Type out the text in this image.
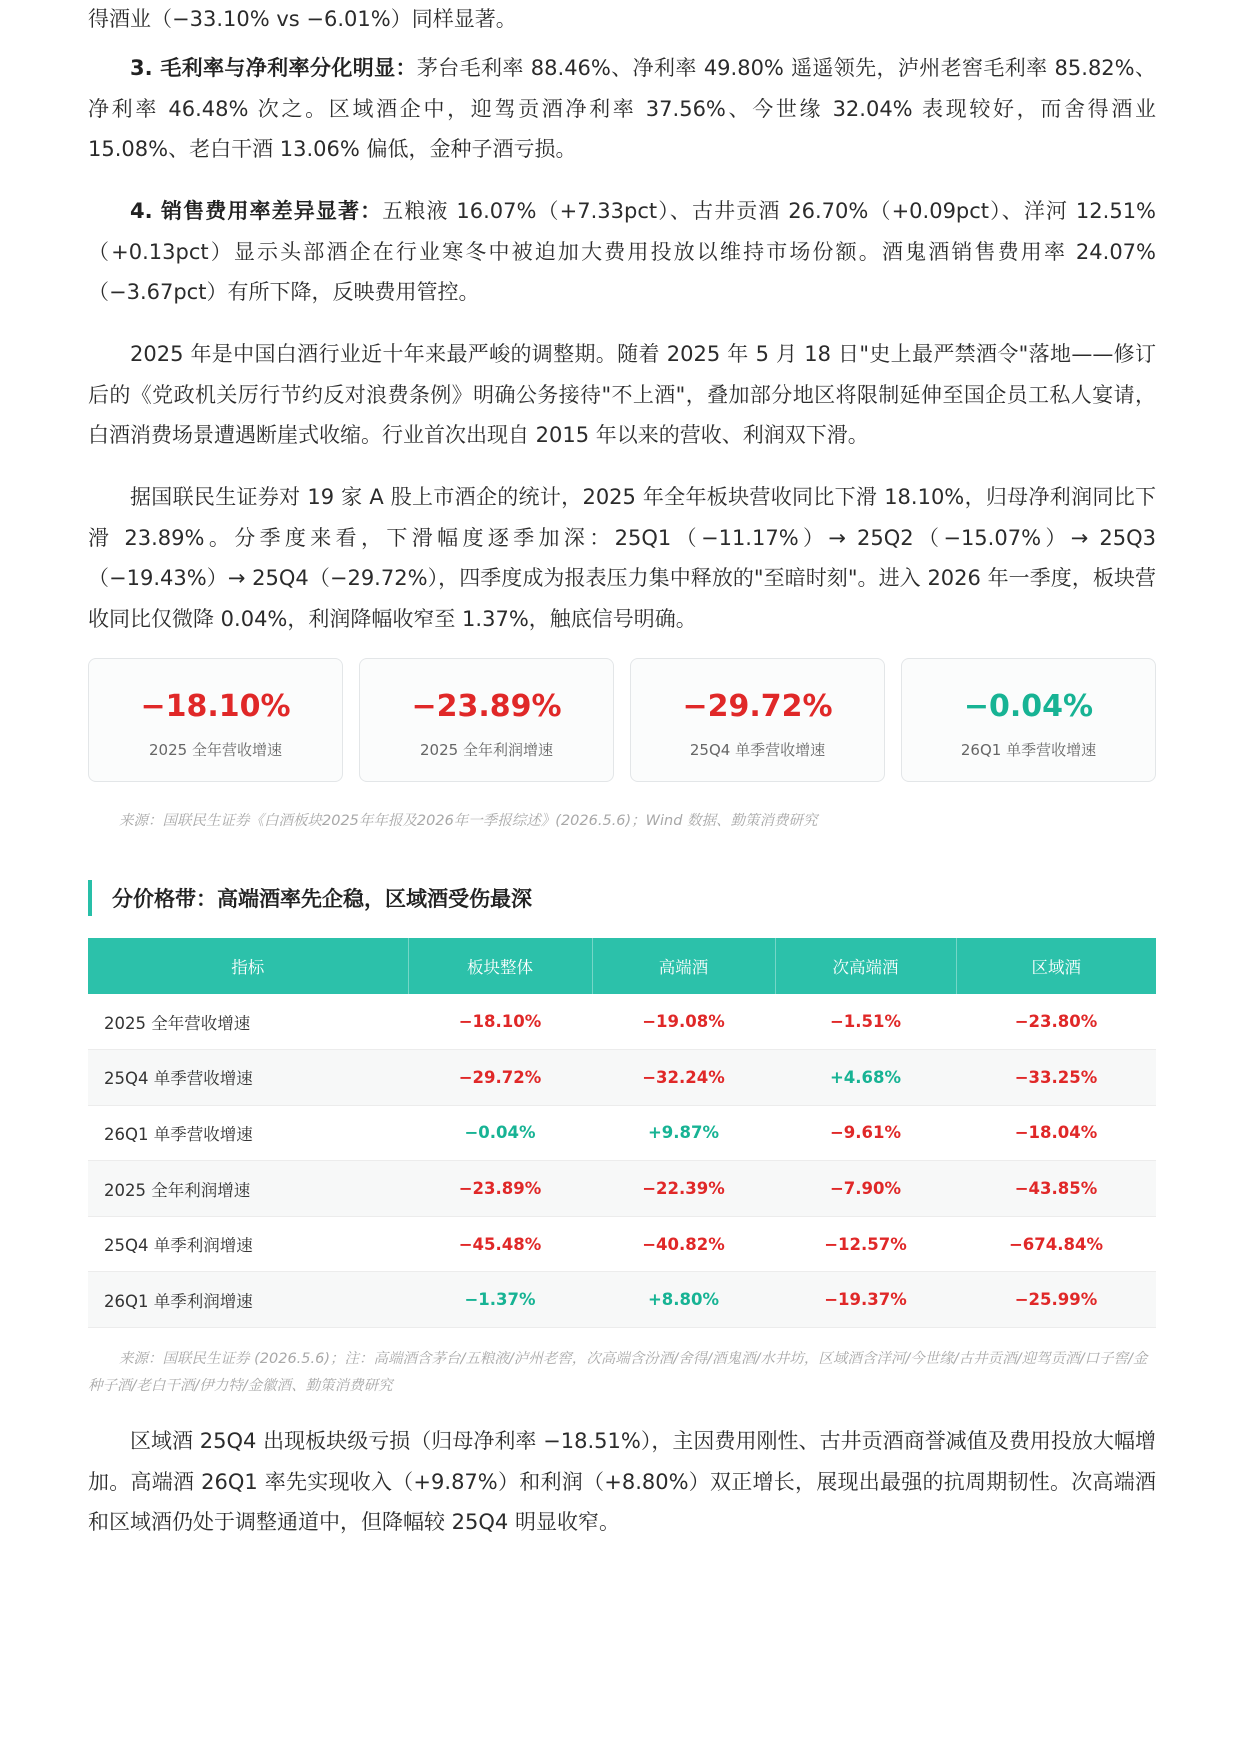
得酒业（−33.10% vs −6.01%）同样显著。

3. 毛利率与净利率分化明显：茅台毛利率 88.46%、净利率 49.80% 遥遥领先，泸州老窖毛利率 85.82%、净利率 46.48% 次之。区域酒企中，迎驾贡酒净利率 37.56%、今世缘 32.04% 表现较好，而舍得酒业 15.08%、老白干酒 13.06% 偏低，金种子酒亏损。

4. 销售费用率差异显著：五粮液 16.07%（+7.33pct）、古井贡酒 26.70%（+0.09pct）、洋河 12.51%（+0.13pct）显示头部酒企在行业寒冬中被迫加大费用投放以维持市场份额。酒鬼酒销售费用率 24.07%（−3.67pct）有所下降，反映费用管控。

2025 年是中国白酒行业近十年来最严峻的调整期。随着 2025 年 5 月 18 日"史上最严禁酒令"落地——修订后的《党政机关厉行节约反对浪费条例》明确公务接待"不上酒"，叠加部分地区将限制延伸至国企员工私人宴请，白酒消费场景遭遇断崖式收缩。行业首次出现自 2015 年以来的营收、利润双下滑。

据国联民生证券对 19 家 A 股上市酒企的统计，2025 年全年板块营收同比下滑 18.10%，归母净利润同比下滑 23.89%。分季度来看，下滑幅度逐季加深：25Q1（−11.17%）→ 25Q2（−15.07%）→ 25Q3（−19.43%）→ 25Q4（−29.72%），四季度成为报表压力集中释放的"至暗时刻"。进入 2026 年一季度，板块营收同比仅微降 0.04%，利润降幅收窄至 1.37%，触底信号明确。

−18.10%
2025 全年营收增速
−23.89%
2025 全年利润增速
−29.72%
25Q4 单季营收增速
−0.04%
26Q1 单季营收增速
来源：国联民生证券《白酒板块2025年年报及2026年一季报综述》(2026.5.6)；Wind 数据、勤策消费研究
分价格带：高端酒率先企稳，区域酒受伤最深
指标	板块整体	高端酒	次高端酒	区域酒
2025 全年营收增速	−18.10%	−19.08%	−1.51%	−23.80%
25Q4 单季营收增速	−29.72%	−32.24%	+4.68%	−33.25%
26Q1 单季营收增速	−0.04%	+9.87%	−9.61%	−18.04%
2025 全年利润增速	−23.89%	−22.39%	−7.90%	−43.85%
25Q4 单季利润增速	−45.48%	−40.82%	−12.57%	−674.84%
26Q1 单季利润增速	−1.37%	+8.80%	−19.37%	−25.99%
来源：国联民生证券 (2026.5.6)；注：高端酒含茅台/五粮液/泸州老窖，次高端含汾酒/舍得/酒鬼酒/水井坊，区域酒含洋河/今世缘/古井贡酒/迎驾贡酒/口子窖/金种子酒/老白干酒/伊力特/金徽酒、勤策消费研究

区域酒 25Q4 出现板块级亏损（归母净利率 −18.51%），主因费用刚性、古井贡酒商誉减值及费用投放大幅增加。高端酒 26Q1 率先实现收入（+9.87%）和利润（+8.80%）双正增长，展现出最强的抗周期韧性。次高端酒和区域酒仍处于调整通道中，但降幅较 25Q4 明显收窄。
